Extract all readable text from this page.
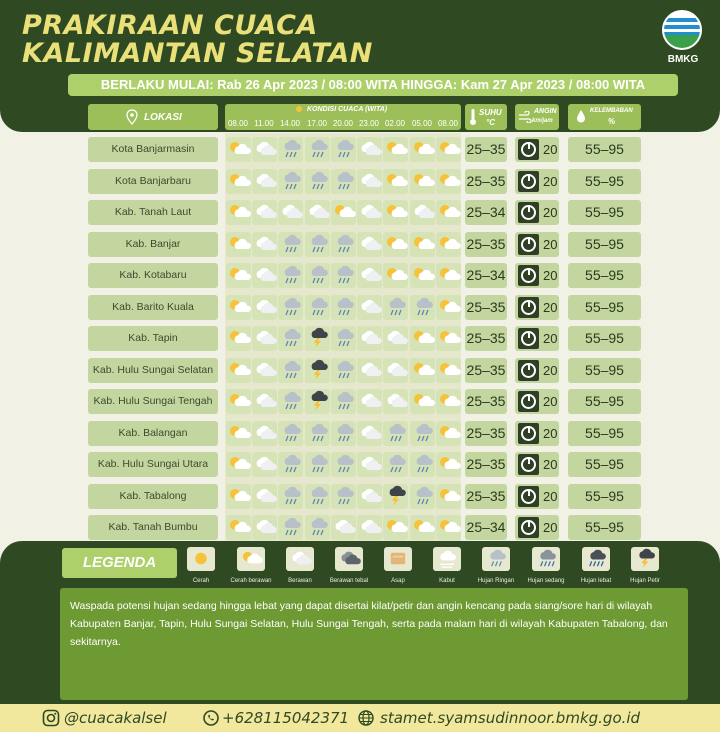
PRAKIRAAN CUACA
KALIMANTAN SELATAN	BMKG
BERLAKU MULAI: Rab 26 Apr 2023 / 08:00 WITA HINGGA: Kam 27 Apr 2023 / 08:00 WITA
LOKASI
KONDISI CUACA (WITA)
08.00 11.00 14.00 17.00 20.00 23.00 02.00 05.00 08.00
SUHU
°C
ANGIN
km/jam
KELEMBABAN
%
Kota Banjarmasin	25–35	20	55–95
Kota Banjarbaru	25–35	20	55–95
Kab. Tanah Laut	25–34	20	55–95
Kab. Banjar	25–35	20	55–95
Kab. Kotabaru	25–34	20	55–95
Kab. Barito Kuala	25–35	20	55–95
Kab. Tapin	25–35	20	55–95
Kab. Hulu Sungai Selatan	25–35	20	55–95
Kab. Hulu Sungai Tengah	25–35	20	55–95
Kab. Balangan	25–35	20	55–95
Kab. Hulu Sungai Utara	25–35	20	55–95
Kab. Tabalong	25–35	20	55–95
Kab. Tanah Bumbu	25–34	20	55–95
LEGENDA
Cerah	Cerah berawan	Berawan	Berawan tebal	Asap	Kabut	Hujan Ringan	Hujan sedang	Hujan lebat	Hujan Petir
Waspada potensi hujan sedang hingga lebat yang dapat disertai kilat/petir dan angin kencang pada siang/sore hari di wilayah Kabupaten Banjar, Tapin, Hulu Sungai Selatan, Hulu Sungai Tengah, serta pada malam hari di wilayah Kabupaten Tabalong, dan sekitarnya.
@cuacakalsel	+628115042371 stamet.syamsudinnoor.bmkg.go.id
